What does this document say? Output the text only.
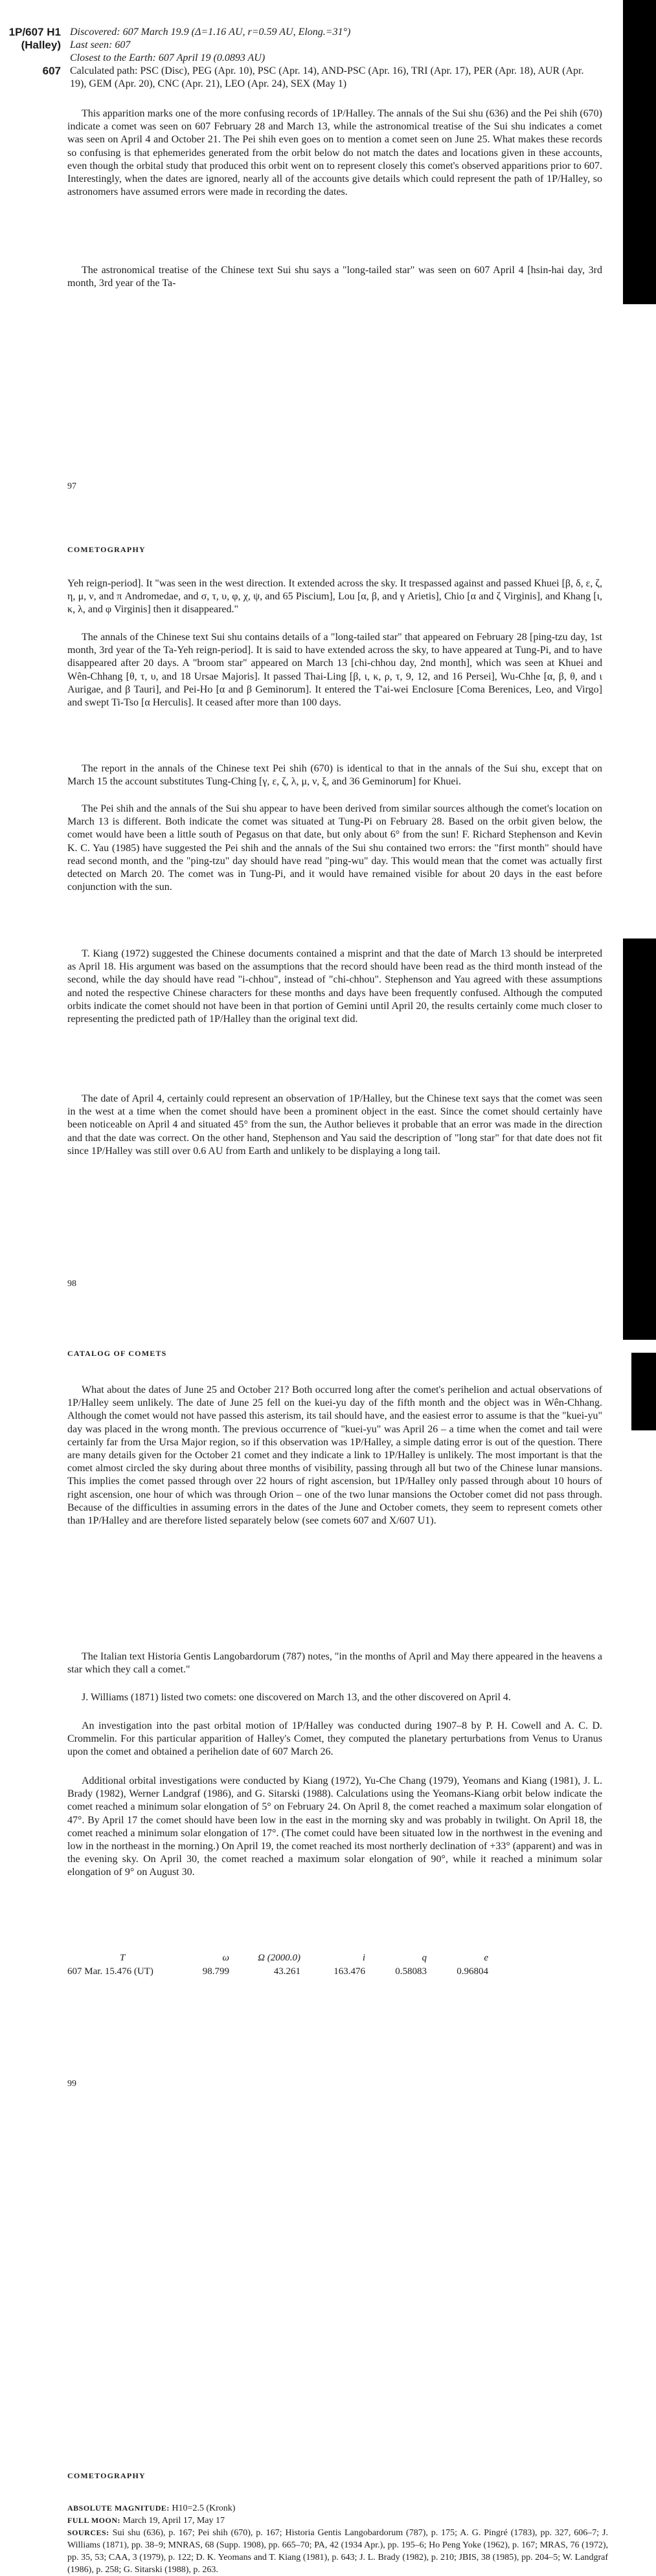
1P/607 H1
(Halley)
607
Discovered: 607 March 19.9 (Δ=1.16 AU, r=0.59 AU, Elong.=31°)
Last seen: 607
Closest to the Earth: 607 April 19 (0.0893 AU)
Calculated path: PSC (Disc), PEG (Apr. 10), PSC (Apr. 14), AND-PSC (Apr. 16), TRI (Apr. 17), PER (Apr. 18), AUR (Apr. 19), GEM (Apr. 20), CNC (Apr. 21), LEO (Apr. 24), SEX (May 1)

This apparition marks one of the more confusing records of 1P/Halley. The annals of the Sui shu (636) and the Pei shih (670) indicate a comet was seen on 607 February 28 and March 13, while the astronomical treatise of the Sui shu indicates a comet was seen on April 4 and October 21. The Pei shih even goes on to mention a comet seen on June 25. What makes these records so confusing is that ephemerides generated from the orbit below do not match the dates and locations given in these accounts, even though the orbital study that produced this orbit went on to represent closely this comet's observed apparitions prior to 607. Interestingly, when the dates are ignored, nearly all of the accounts give details which could represent the path of 1P/Halley, so astronomers have assumed errors were made in recording the dates.

The astronomical treatise of the Chinese text Sui shu says a "long-tailed star" was seen on 607 April 4 [hsin-hai day, 3rd month, 3rd year of the Ta-

97
COMETOGRAPHY

Yeh reign-period]. It "was seen in the west direction. It extended across the sky. It trespassed against and passed Khuei [β, δ, ε, ζ, η, μ, ν, and π Andromedae, and σ, τ, υ, φ, χ, ψ, and 65 Piscium], Lou [α, β, and γ Arietis], Chio [α and ζ Virginis], and Khang [ι, κ, λ, and φ Virginis] then it disappeared."

The annals of the Chinese text Sui shu contains details of a "long-tailed star" that appeared on February 28 [ping-tzu day, 1st month, 3rd year of the Ta-Yeh reign-period]. It is said to have extended across the sky, to have appeared at Tung-Pi, and to have disappeared after 20 days. A "broom star" appeared on March 13 [chi-chhou day, 2nd month], which was seen at Khuei and Wên-Chhang [θ, τ, υ, and 18 Ursae Majoris]. It passed Thai-Ling [β, ι, κ, ρ, τ, 9, 12, and 16 Persei], Wu-Chhe [α, β, θ, and ι Aurigae, and β Tauri], and Pei-Ho [α and β Geminorum]. It entered the T'ai-wei Enclosure [Coma Berenices, Leo, and Virgo] and swept Ti-Tso [α Herculis]. It ceased after more than 100 days.

The report in the annals of the Chinese text Pei shih (670) is identical to that in the annals of the Sui shu, except that on March 15 the account substitutes Tung-Ching [γ, ε, ζ, λ, μ, ν, ξ, and 36 Geminorum] for Khuei.

The Pei shih and the annals of the Sui shu appear to have been derived from similar sources although the comet's location on March 13 is different. Both indicate the comet was situated at Tung-Pi on February 28. Based on the orbit given below, the comet would have been a little south of Pegasus on that date, but only about 6° from the sun! F. Richard Stephenson and Kevin K. C. Yau (1985) have suggested the Pei shih and the annals of the Sui shu contained two errors: the "first month" should have read second month, and the "ping-tzu" day should have read "ping-wu" day. This would mean that the comet was actually first detected on March 20. The comet was in Tung-Pi, and it would have remained visible for about 20 days in the east before conjunction with the sun.

T. Kiang (1972) suggested the Chinese documents contained a misprint and that the date of March 13 should be interpreted as April 18. His argument was based on the assumptions that the record should have been read as the third month instead of the second, while the day should have read "i-chhou", instead of "chi-chhou". Stephenson and Yau agreed with these assumptions and noted the respective Chinese characters for these months and days have been frequently confused. Although the computed orbits indicate the comet should not have been in that portion of Gemini until April 20, the results certainly come much closer to representing the predicted path of 1P/Halley than the original text did.

The date of April 4, certainly could represent an observation of 1P/Halley, but the Chinese text says that the comet was seen in the west at a time when the comet should have been a prominent object in the east. Since the comet should certainly have been noticeable on April 4 and situated 45° from the sun, the Author believes it probable that an error was made in the direction and that the date was correct. On the other hand, Stephenson and Yau said the description of "long star" for that date does not fit since 1P/Halley was still over 0.6 AU from Earth and unlikely to be displaying a long tail.

98
CATALOG OF COMETS

What about the dates of June 25 and October 21? Both occurred long after the comet's perihelion and actual observations of 1P/Halley seem unlikely. The date of June 25 fell on the kuei-yu day of the fifth month and the object was in Wên-Chhang. Although the comet would not have passed this asterism, its tail should have, and the easiest error to assume is that the "kuei-yu" day was placed in the wrong month. The previous occurrence of "kuei-yu" was April 26 – a time when the comet and tail were certainly far from the Ursa Major region, so if this observation was 1P/Halley, a simple dating error is out of the question. There are many details given for the October 21 comet and they indicate a link to 1P/Halley is unlikely. The most important is that the comet almost circled the sky during about three months of visibility, passing through all but two of the Chinese lunar mansions. This implies the comet passed through over 22 hours of right ascension, but 1P/Halley only passed through about 10 hours of right ascension, one hour of which was through Orion – one of the two lunar mansions the October comet did not pass through. Because of the difficulties in assuming errors in the dates of the June and October comets, they seem to represent comets other than 1P/Halley and are therefore listed separately below (see comets 607 and X/607 U1).

The Italian text Historia Gentis Langobardorum (787) notes, "in the months of April and May there appeared in the heavens a star which they call a comet."

J. Williams (1871) listed two comets: one discovered on March 13, and the other discovered on April 4.

An investigation into the past orbital motion of 1P/Halley was conducted during 1907–8 by P. H. Cowell and A. C. D. Crommelin. For this particular apparition of Halley's Comet, they computed the planetary perturbations from Venus to Uranus upon the comet and obtained a perihelion date of 607 March 26.

Additional orbital investigations were conducted by Kiang (1972), Yu-Che Chang (1979), Yeomans and Kiang (1981), J. L. Brady (1982), Werner Landgraf (1986), and G. Sitarski (1988). Calculations using the Yeomans-Kiang orbit below indicate the comet reached a minimum solar elongation of 5° on February 24. On April 8, the comet reached a maximum solar elongation of 47°. By April 17 the comet should have been low in the east in the morning sky and was probably in twilight. On April 18, the comet reached a minimum solar elongation of 17°. (The comet could have been situated low in the northwest in the evening and low in the northeast in the morning.) On April 19, the comet reached its most northerly declination of +33° (apparent) and was in the evening sky. On April 30, the comet reached a maximum solar elongation of 90°, while it reached a minimum solar elongation of 9° on August 30.

T	ω	Ω (2000.0)	i	q	e
607 Mar. 15.476 (UT)	98.799	43.261	163.476	0.58083	0.96804
99
COMETOGRAPHY
ABSOLUTE MAGNITUDE: H10=2.5 (Kronk)
FULL MOON: March 19, April 17, May 17
SOURCES: Sui shu (636), p. 167; Pei shih (670), p. 167; Historia Gentis Langobardorum (787), p. 175; A. G. Pingré (1783), pp. 327, 606–7; J. Williams (1871), pp. 38–9; MNRAS, 68 (Supp. 1908), pp. 665–70; PA, 42 (1934 Apr.), pp. 195–6; Ho Peng Yoke (1962), p. 167; MRAS, 76 (1972), pp. 35, 53; CAA, 3 (1979), p. 122; D. K. Yeomans and T. Kiang (1981), p. 643; J. L. Brady (1982), p. 210; JBIS, 38 (1985), pp. 204–5; W. Landgraf (1986), p. 258; G. Sitarski (1988), p. 263.
